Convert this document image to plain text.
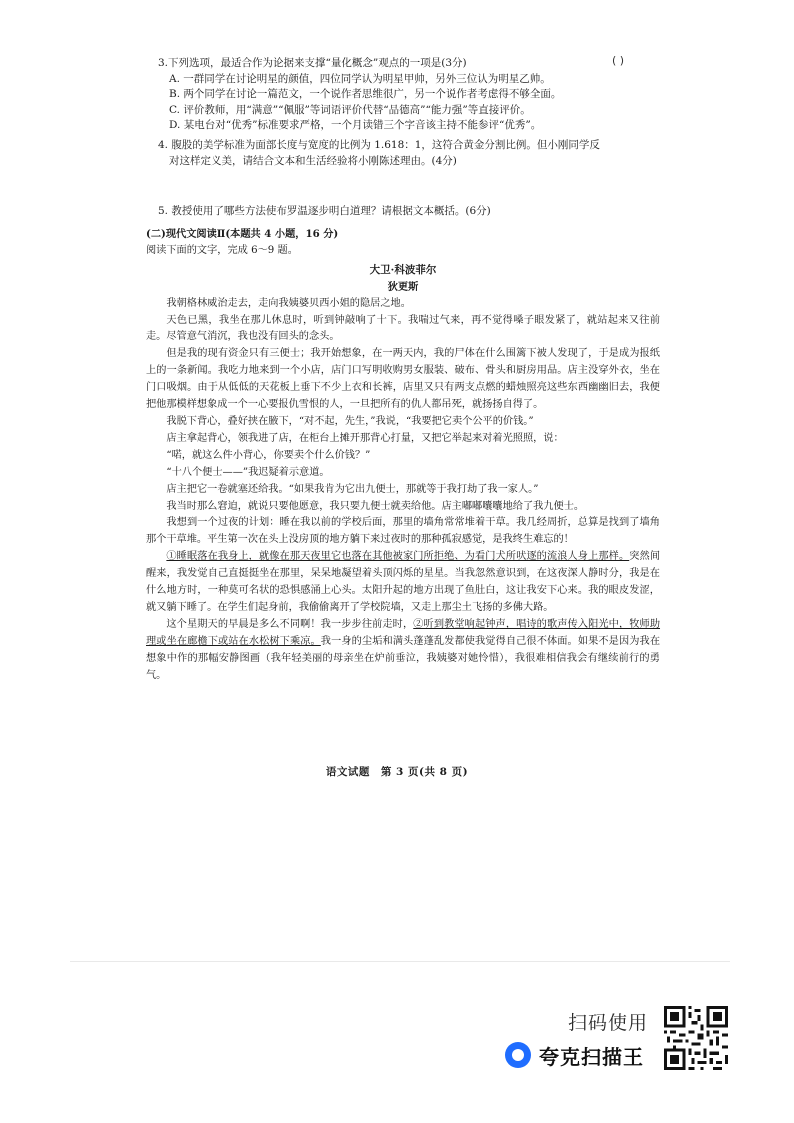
( )
3.下列选项，最适合作为论据来支撑“量化概念”观点的一项是(3分)
A. 一群同学在讨论明星的颜值，四位同学认为明星甲帅，另外三位认为明星乙帅。
B. 两个同学在讨论一篇范文，一个说作者思维很广，另一个说作者考虑得不够全面。
C. 评价教师，用“满意”“佩服”等词语评价代替“品德高”“能力强”等直接评价。
D. 某电台对“优秀”标准要求严格，一个月读错三个字音该主持不能参评“优秀”。
4. 腹股的美学标准为面部长度与宽度的比例为 1.618：1，这符合黄金分割比例。但小刚同学反
对这样定义美，请结合文本和生活经验将小刚陈述理由。(4分)
5. 教授使用了哪些方法使布罗温逐步明白道理？请根据文本概括。(6分)
(二)现代文阅读Ⅱ(本题共 4 小题，16 分)
阅读下面的文字，完成 6～9 题。
大卫·科波菲尔
狄更斯

我朝格林威治走去，走向我姨婆贝西小姐的隐居之地。

天色已黑，我坐在那儿休息时，听到钟敲响了十下。我喘过气来，再不觉得嗓子眼发紧了，就站起来又往前走。尽管意气消沉，我也没有回头的念头。

但是我的现有资金只有三便士；我开始想象，在一两天内，我的尸体在什么围篱下被人发现了，于是成为报纸上的一条新闻。我吃力地来到一个小店，店门口写明收购男女服装、破布、骨头和厨房用品。店主没穿外衣，坐在门口吸烟。由于从低低的天花板上垂下不少上衣和长裤，店里又只有两支点燃的蜡烛照亮这些东西幽幽旧去，我便把他那模样想象成一个一心要报仇雪恨的人，一旦把所有的仇人都吊死，就扬扬自得了。

我脱下背心，叠好挟在腋下，“对不起，先生，”我说，“我要把它卖个公平的价钱。”

店主拿起背心，领我进了店，在柜台上摊开那背心打量，又把它举起来对着光照照，说：

“喏，就这么件小背心，你要卖个什么价钱？”

“十八个便士——”我迟疑着示意道。

店主把它一卷就塞还给我。“如果我肯为它出九便士，那就等于我打劫了我一家人。”

我当时那么窘迫，就说只要他愿意，我只要九便士就卖给他。店主嘟嘟囔囔地给了我九便士。

我想到一个过夜的计划：睡在我以前的学校后面，那里的墙角常常堆着干草。我几经周折，总算是找到了墙角那个干草堆。平生第一次在头上没房顶的地方躺下来过夜时的那种孤寂感觉，是我终生难忘的！

①睡眠落在我身上，就像在那天夜里它也落在其他被家门所拒绝、为看门犬所吠逐的流浪人身上那样。突然间醒来，我发觉自己直挺挺坐在那里，呆呆地凝望着头顶闪烁的星星。当我忽然意识到，在这夜深人静时分，我是在什么地方时，一种莫可名状的恐惧感涌上心头。太阳升起的地方出现了鱼肚白，这让我安下心来。我的眼皮发涩，就又躺下睡了。在学生们起身前，我偷偷离开了学校院墙，又走上那尘土飞扬的多佛大路。

这个星期天的早晨是多么不同啊！我一步步往前走时，②听到教堂响起钟声，唱诗的歌声传入阳光中，牧师助理或坐在廊檐下或站在水松树下乘凉。我一身的尘垢和满头蓬蓬乱发都使我觉得自己很不体面。如果不是因为我在想象中作的那幅安静图画（我年轻美丽的母亲坐在炉前垂泣，我姨婆对她怜惜），我很难相信我会有继续前行的勇气。

语文试题　第 3 页(共 8 页)
扫码使用
夸克扫描王
